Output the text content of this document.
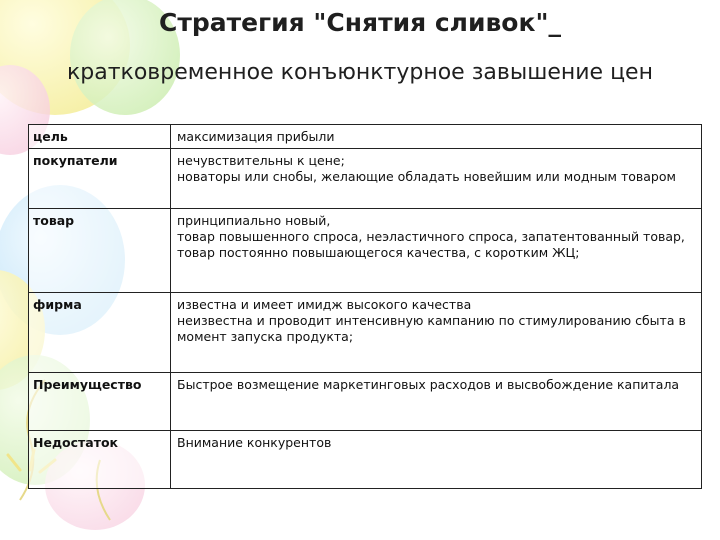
Стратегия "Снятия сливок"_
кратковременное конъюнктурное завышение цен
цель	максимизация прибыли

покупатели	нечувствительны к цене;
новаторы или снобы, желающие обладать новейшим или модным товаром

товар	принципиально новый,
товар повышенного спроса, неэластичного спроса, запатентованный товар,
товар постоянно повышающегося качества, с коротким ЖЦ;

фирма	известна и имеет имидж высокого качества
неизвестна и проводит интенсивную кампанию по стимулированию сбыта в момент запуска продукта;

Преимущество	Быстрое возмещение маркетинговых расходов и высвобождение капитала

Недостаток	Внимание конкурентов
